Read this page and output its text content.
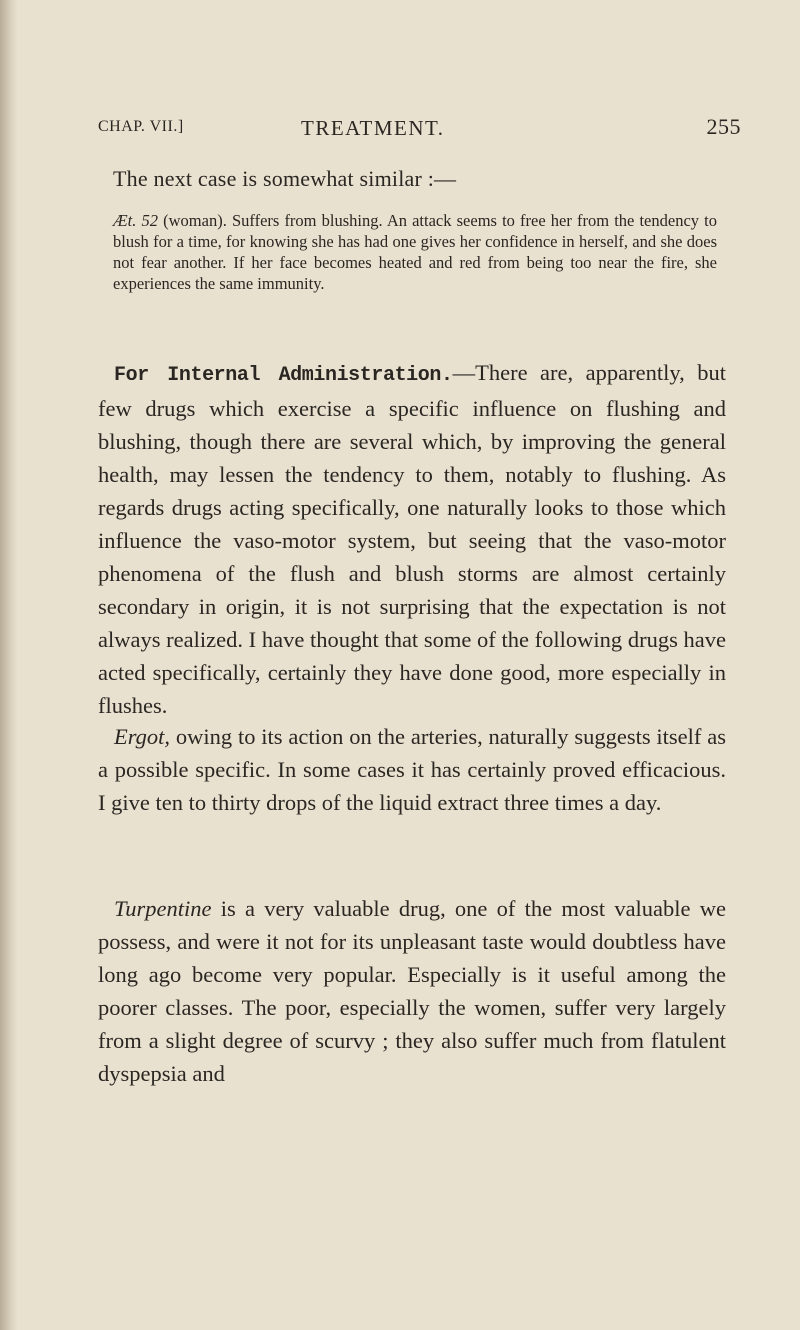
CHAP. VII.]	TREATMENT.	255
The next case is somewhat similar :—
Æt. 52 (woman). Suffers from blushing. An attack seems to free her from the tendency to blush for a time, for knowing she has had one gives her confidence in herself, and she does not fear another. If her face becomes heated and red from being too near the fire, she experiences the same immunity.
For Internal Administration.—There are, apparently, but few drugs which exercise a specific influence on flushing and blushing, though there are several which, by improving the general health, may lessen the tendency to them, notably to flushing. As regards drugs acting specifically, one naturally looks to those which influence the vaso-motor system, but seeing that the vaso-motor phenomena of the flush and blush storms are almost certainly secondary in origin, it is not surprising that the expectation is not always realized. I have thought that some of the following drugs have acted specifically, certainly they have done good, more especially in flushes.
Ergot, owing to its action on the arteries, naturally suggests itself as a possible specific. In some cases it has certainly proved efficacious. I give ten to thirty drops of the liquid extract three times a day.
Turpentine is a very valuable drug, one of the most valuable we possess, and were it not for its unpleasant taste would doubtless have long ago become very popular. Especially is it useful among the poorer classes. The poor, especially the women, suffer very largely from a slight degree of scurvy ; they also suffer much from flatulent dyspepsia and
